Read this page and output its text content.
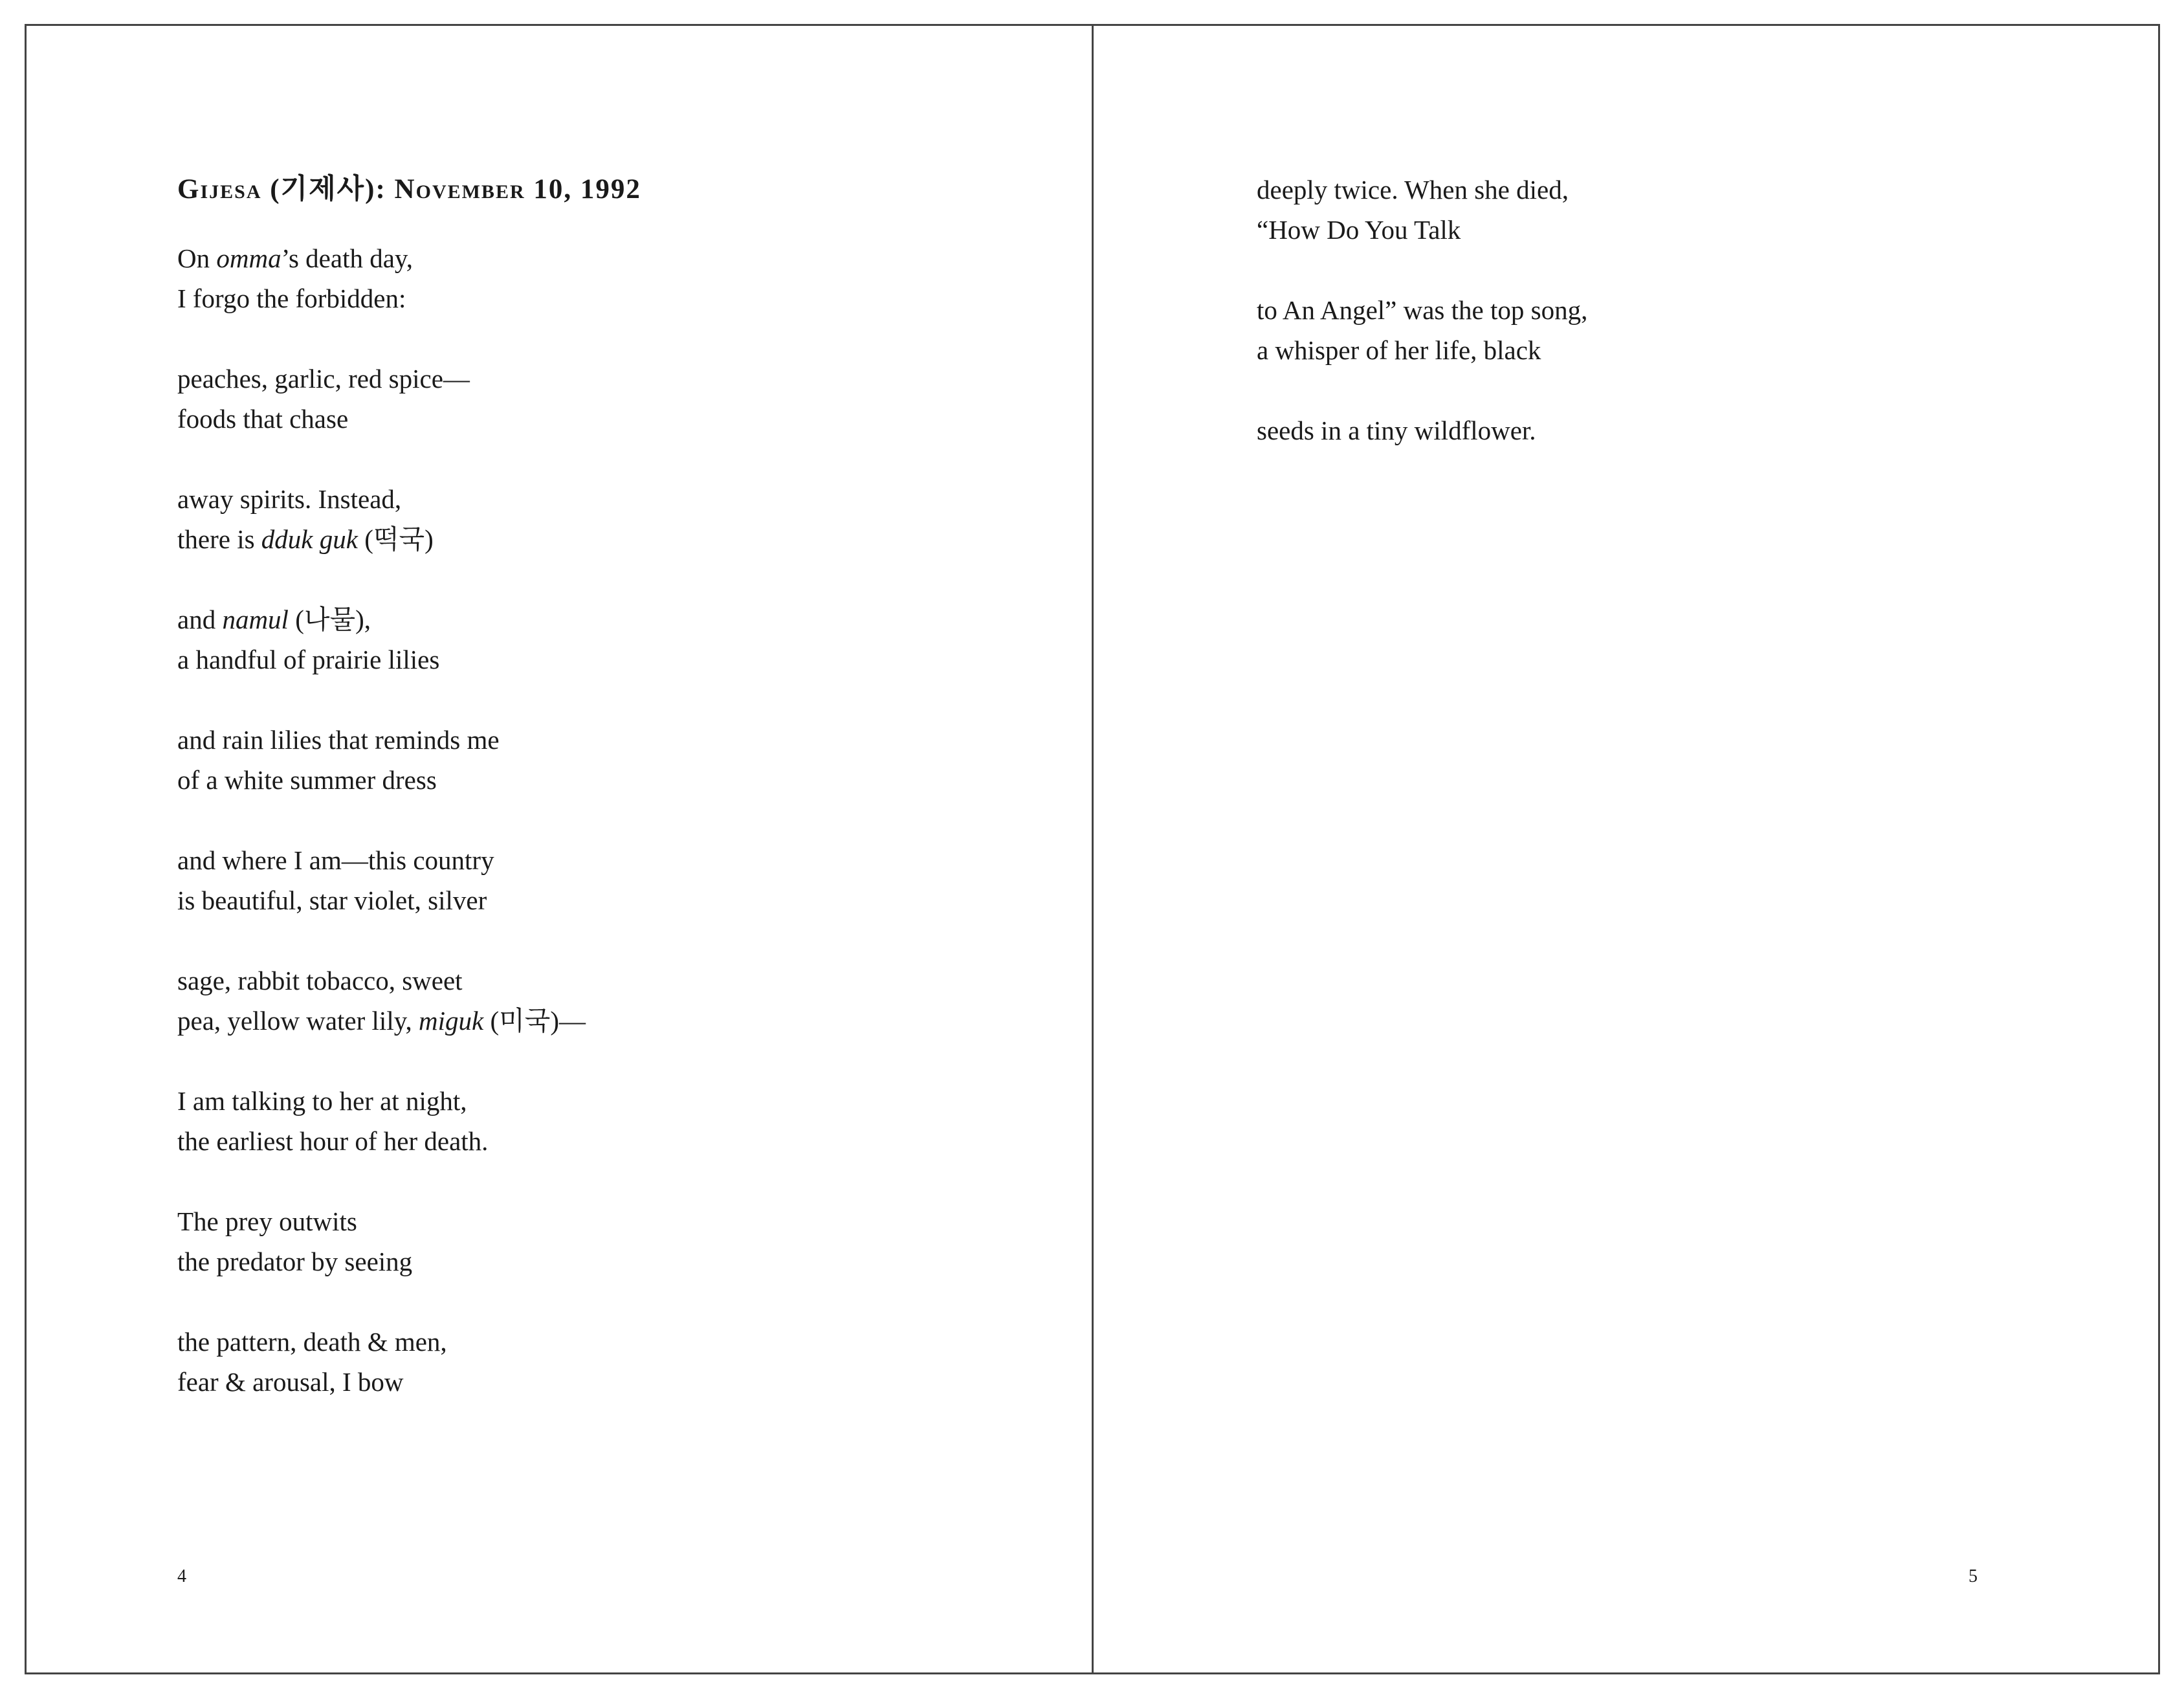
Gijesa (기제사): November 10, 1992
On omma’s death day,
I forgo the forbidden:
peaches, garlic, red spice—
foods that chase
away spirits. Instead,
there is dduk guk (떡국)
and namul (나물),
a handful of prairie lilies
and rain lilies that reminds me
of a white summer dress
and where I am—this country
is beautiful, star violet, silver
sage, rabbit tobacco, sweet
pea, yellow water lily, miguk (미국)—
I am talking to her at night,
the earliest hour of her death.
The prey outwits
the predator by seeing
the pattern, death & men,
fear & arousal, I bow
deeply twice. When she died,
“How Do You Talk
to An Angel” was the top song,
a whisper of her life, black
seeds in a tiny wildflower.
4	5
